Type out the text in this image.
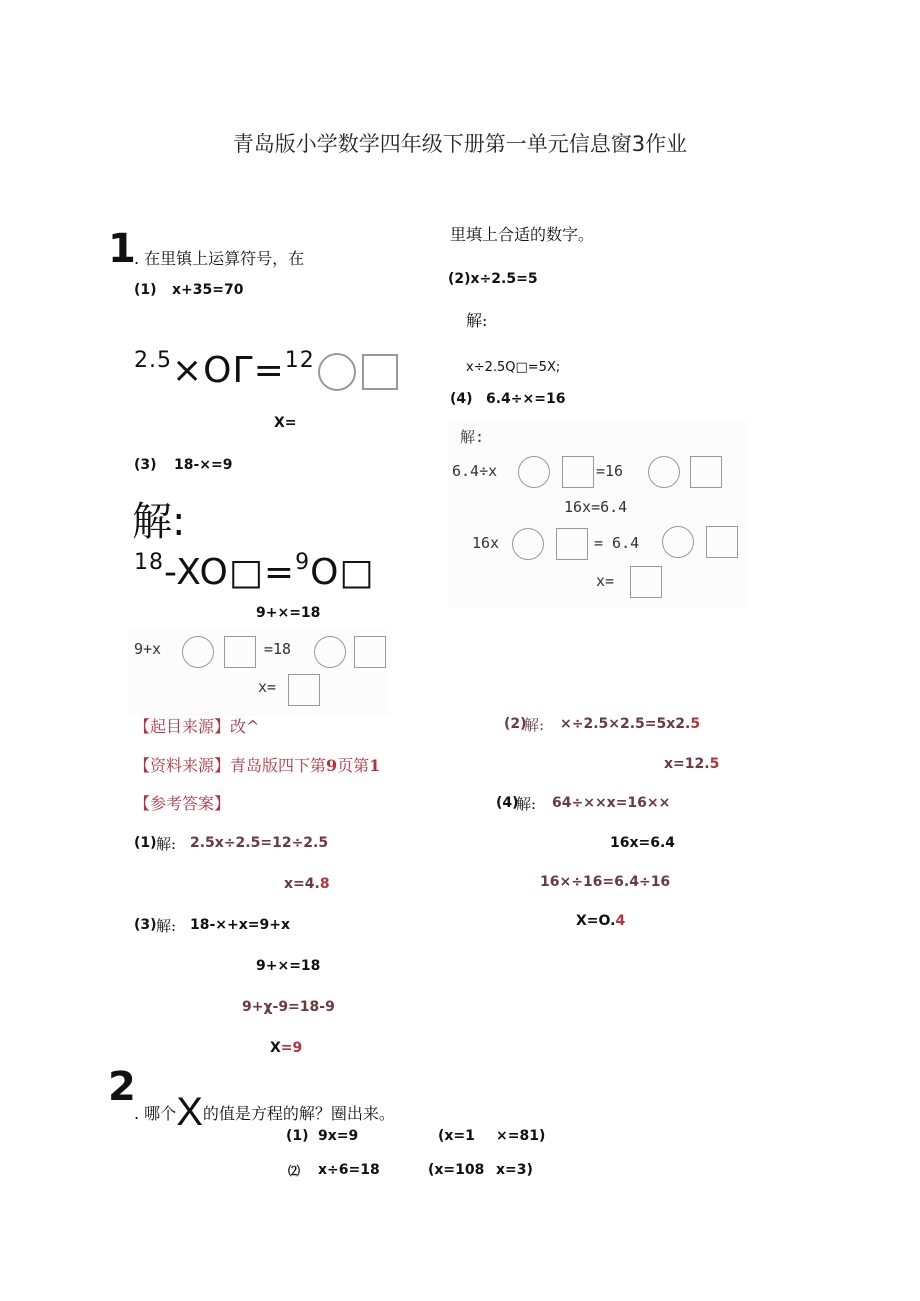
青岛版小学数学四年级下册第一单元信息窗3作业
1
. 在里镇上运算符号，在
里填上合适的数字。
(1) x+35=70
$^{2.5}$×OΓ=$^{12}$
X=
(3) 18-×=9
解:
$^{18}$-XO□=$^9$O□
9+×=18
9+x	=18
x=
(2)x÷2.5=5
解:
x÷2.5Q□=5X;
(4) 6.4÷×=16
解:
6.4÷x	=16
16x=6.4
16x	= 6.4
x=
【起目来源】改^
【资料来源】青岛版四下第9页第1
【参考答案】
(1) 解: 2.5x÷2.5=12÷2.5
x=4.8
(3) 解: 18-×+x=9+x
9+×=18
9+χ-9=18-9
X=9
(2)
解: ×÷2.5×2.5=5x2.5
x=12.5
(4)
解: 64÷××x=16××
16x=6.4
16×÷16=6.4÷16
X=O.4
2
. 哪个X的值是方程的解？圈出来。
(1) 9x=9	(x=1 ×=81)
⑵ x÷6=18	(x=108 x=3)
